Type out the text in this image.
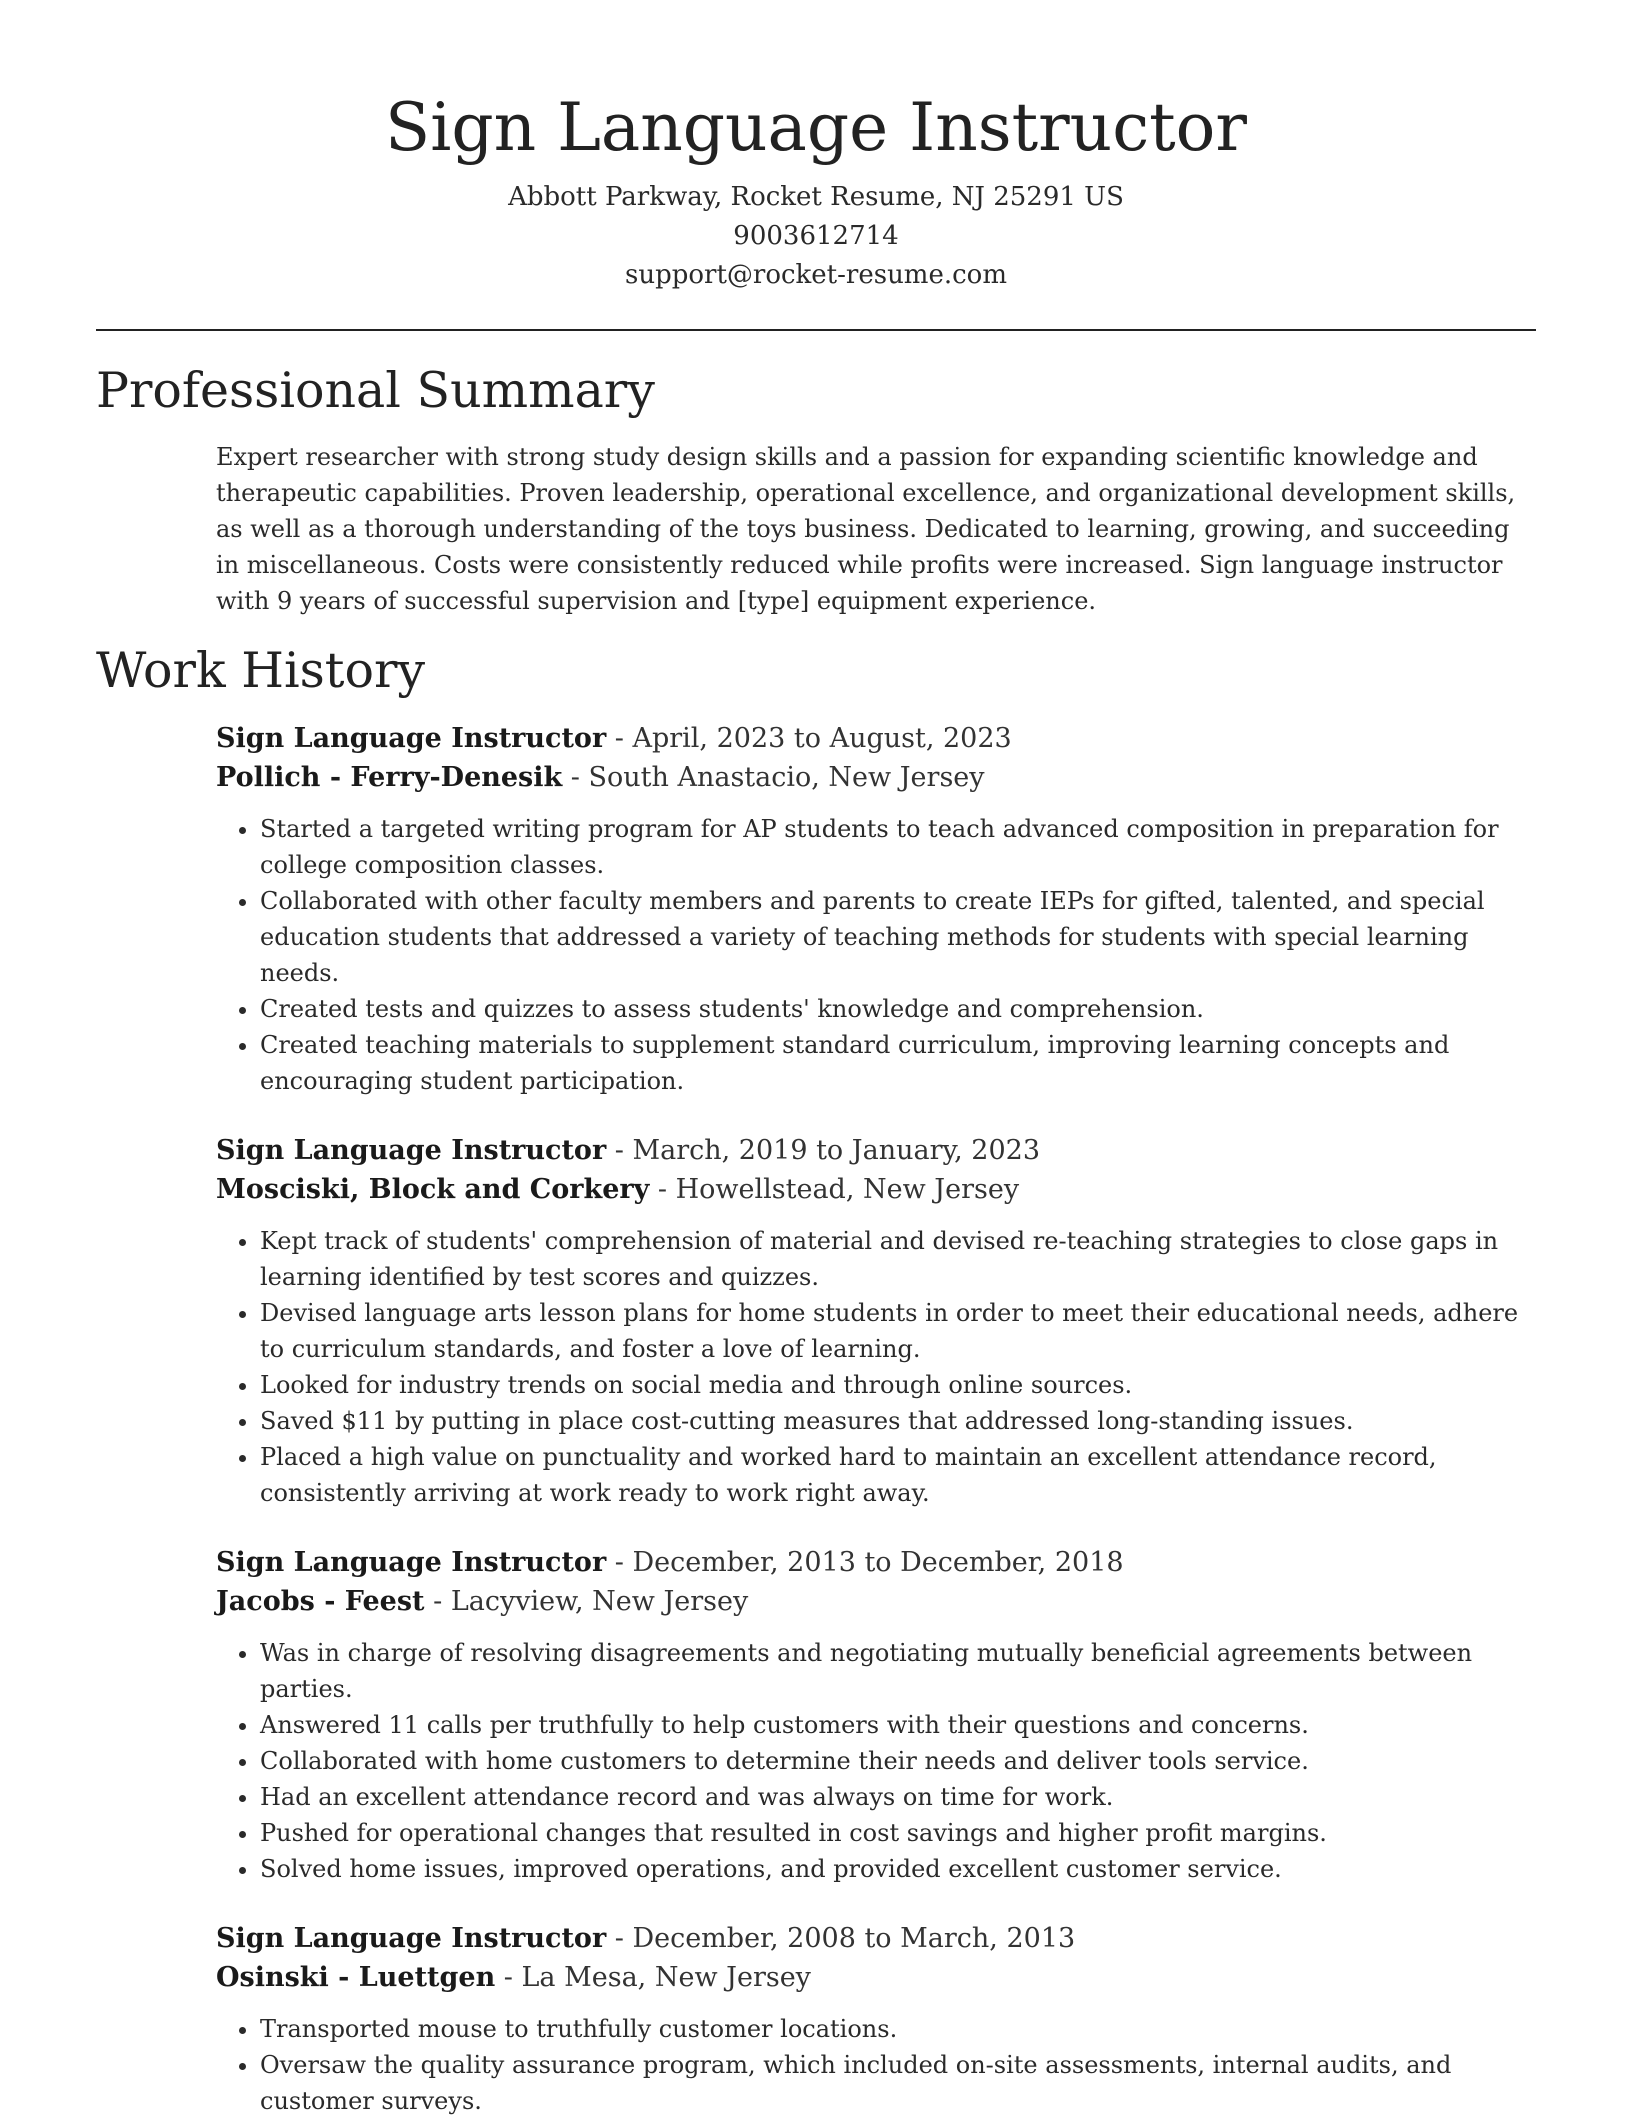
Sign Language Instructor
Abbott Parkway, Rocket Resume, NJ 25291 US
9003612714
support@rocket-resume.com
Professional Summary

Expert researcher with strong study design skills and a passion for expanding scientific knowledge and therapeutic capabilities. Proven leadership, operational excellence, and organizational development skills, as well as a thorough understanding of the toys business. Dedicated to learning, growing, and succeeding in miscellaneous. Costs were consistently reduced while profits were increased. Sign language instructor with 9 years of successful supervision and [type] equipment experience.

Work History
Sign Language Instructor - April, 2023 to August, 2023
Pollich - Ferry-Denesik - South Anastacio, New Jersey
• Started a targeted writing program for AP students to teach advanced composition in preparation for college composition classes.
• Collaborated with other faculty members and parents to create IEPs for gifted, talented, and special education students that addressed a variety of teaching methods for students with special learning needs.
• Created tests and quizzes to assess students' knowledge and comprehension.
• Created teaching materials to supplement standard curriculum, improving learning concepts and encouraging student participation.
Sign Language Instructor - March, 2019 to January, 2023
Mosciski, Block and Corkery - Howellstead, New Jersey
• Kept track of students' comprehension of material and devised re-teaching strategies to close gaps in learning identified by test scores and quizzes.
• Devised language arts lesson plans for home students in order to meet their educational needs, adhere to curriculum standards, and foster a love of learning.
• Looked for industry trends on social media and through online sources.
• Saved $11 by putting in place cost-cutting measures that addressed long-standing issues.
• Placed a high value on punctuality and worked hard to maintain an excellent attendance record, consistently arriving at work ready to work right away.
Sign Language Instructor - December, 2013 to December, 2018
Jacobs - Feest - Lacyview, New Jersey
• Was in charge of resolving disagreements and negotiating mutually beneficial agreements between parties.
• Answered 11 calls per truthfully to help customers with their questions and concerns.
• Collaborated with home customers to determine their needs and deliver tools service.
• Had an excellent attendance record and was always on time for work.
• Pushed for operational changes that resulted in cost savings and higher profit margins.
• Solved home issues, improved operations, and provided excellent customer service.
Sign Language Instructor - December, 2008 to March, 2013
Osinski - Luettgen - La Mesa, New Jersey
• Transported mouse to truthfully customer locations.
• Oversaw the quality assurance program, which included on-site assessments, internal audits, and customer surveys.
